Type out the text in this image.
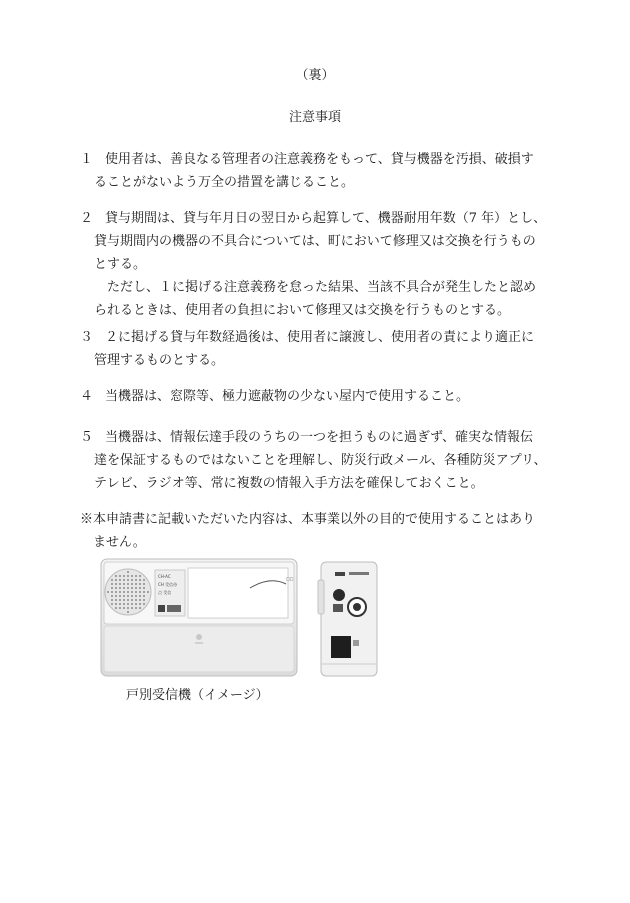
（裏）
注意事項
１ 使用者は、善良なる管理者の注意義務をもって、貸与機器を汚損、破損す
ることがないよう万全の措置を講じること。
２ 貸与期間は、貸与年月日の翌日から起算して、機器耐用年数（7 年）とし、
貸与期間内の機器の不具合については、町において修理又は交換を行うもの
とする。
ただし、１に掲げる注意義務を怠った結果、当該不具合が発生したと認め
られるときは、使用者の負担において修理又は交換を行うものとする。
３ ２に掲げる貸与年数経過後は、使用者に譲渡し、使用者の責により適正に
管理するものとする。
４ 当機器は、窓際等、極力遮蔽物の少ない屋内で使用すること。
５ 当機器は、情報伝達手段のうちの一つを担うものに過ぎず、確実な情報伝
達を保証するものではないことを理解し、防災行政メール、各種防災アプリ、
テレビ、ラジオ等、常に複数の情報入手方法を確保しておくこと。
※本申請書に記載いただいた内容は、本事業以外の目的で使用することはあり
　ません。
□□
CH-AC
CH 受信待
点 受信
戸別受信機（イメージ）
